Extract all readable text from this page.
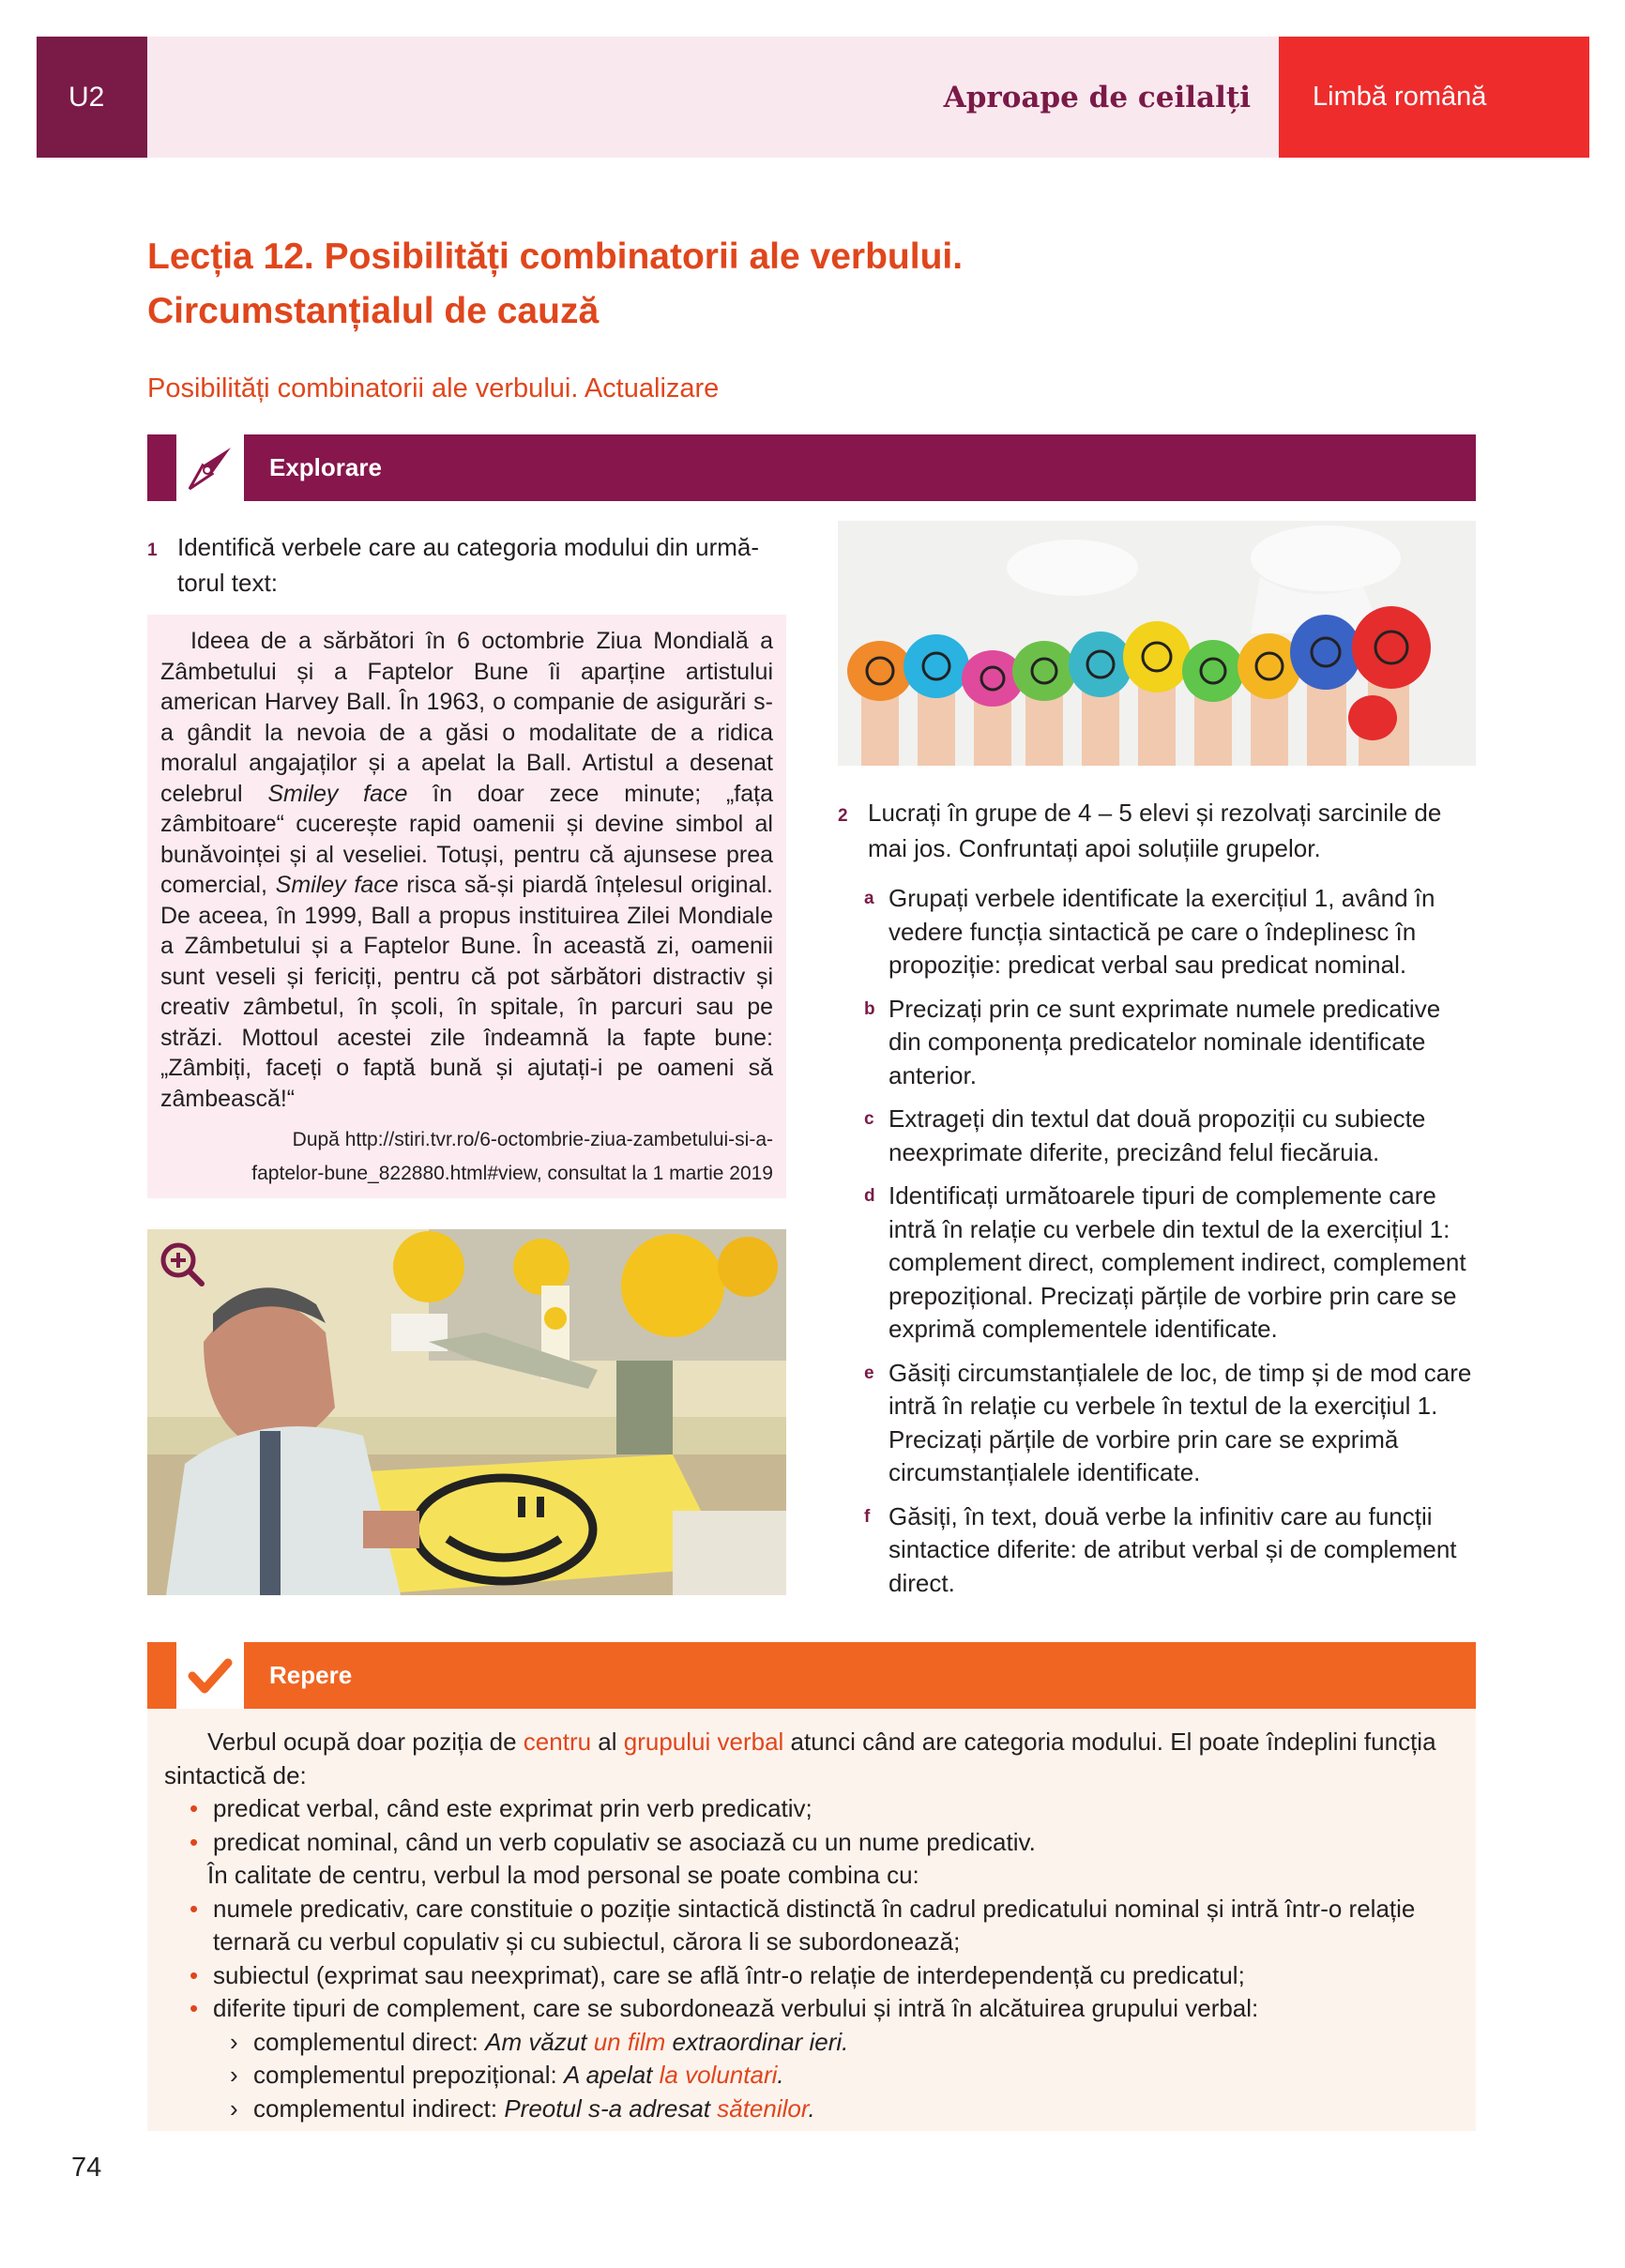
U2	Aproape de ceilalți	Limbă română
Lecția 12. Posibilități combinatorii ale verbului.
Circumstanțialul de cauză
Posibilități combinatorii ale verbului. Actualizare
Explorare
1 Identifică verbele care au categoria modului din urmă-
torul text:

Ideea de a sărbători în 6 octombrie Ziua Mondială a Zâmbetului și a Faptelor Bune îi aparține artistului american Harvey Ball. În 1963, o companie de asigurări s-a gândit la nevoia de a găsi o modalitate de a ridica moralul angajaților și a apelat la Ball. Artistul a desenat celebrul Smiley face în doar zece minute; „fața zâmbitoare“ cucerește rapid oamenii și devine simbol al bunăvoinței și al veseliei. Totuși, pentru că ajunsese prea comercial, Smiley face risca să-și piardă înțelesul original. De aceea, în 1999, Ball a propus instituirea Zilei Mondiale a Zâmbetului și a Faptelor Bune. În această zi, oamenii sunt veseli și fericiți, pentru că pot sărbători distractiv și creativ zâmbetul, în școli, în spitale, în parcuri sau pe străzi. Mottoul acestei zile îndeamnă la fapte bune: „Zâmbiți, faceți o faptă bună și ajutați-i pe oameni să zâmbească!“

După http://stiri.tvr.ro/6-octombrie-ziua-zambetului-si-a-
faptelor-bune_822880.html#view, consultat la 1 martie 2019
2 Lucrați în grupe de 4 – 5 elevi și rezolvați sarcinile de
mai jos. Confruntați apoi soluțiile grupelor.
a Grupați verbele identificate la exercițiul 1, având în vedere funcția sintactică pe care o îndeplinesc în propoziție: predicat verbal sau predicat nominal.
b Precizați prin ce sunt exprimate numele predicative din componența predicatelor nominale identificate anterior.
c Extrageți din textul dat două propoziții cu subiecte neexprimate diferite, precizând felul fiecăruia.
d Identificați următoarele tipuri de complemente care intră în relație cu verbele din textul de la exercițiul 1: complement direct, complement indirect, complement prepozițional. Precizați părțile de vorbire prin care se exprimă complementele identificate.
e Găsiți circumstanțialele de loc, de timp și de mod care intră în relație cu verbele în textul de la exercițiul 1. Precizați părțile de vorbire prin care se exprimă circumstanțialele identificate.
f Găsiți, în text, două verbe la infinitiv care au funcții sintactice diferite: de atribut verbal și de complement direct.
Repere

Verbul ocupă doar poziția de centru al grupului verbal atunci când are categoria modului. El poate îndeplini funcția sintactică de:

• predicat verbal, când este exprimat prin verb predicativ;
• predicat nominal, când un verb copulativ se asociază cu un nume predicativ.
În calitate de centru, verbul la mod personal se poate combina cu:
• numele predicativ, care constituie o poziție sintactică distinctă în cadrul predicatului nominal și intră într-o relație ternară cu verbul copulativ și cu subiectul, cărora li se subordonează;
• subiectul (exprimat sau neexprimat), care se află într-o relație de interdependență cu predicatul;
• diferite tipuri de complement, care se subordonează verbului și intră în alcătuirea grupului verbal:
› complementul direct: Am văzut un film extraordinar ieri.
› complementul prepozițional: A apelat la voluntari.
› complementul indirect: Preotul s-a adresat sătenilor.
74
